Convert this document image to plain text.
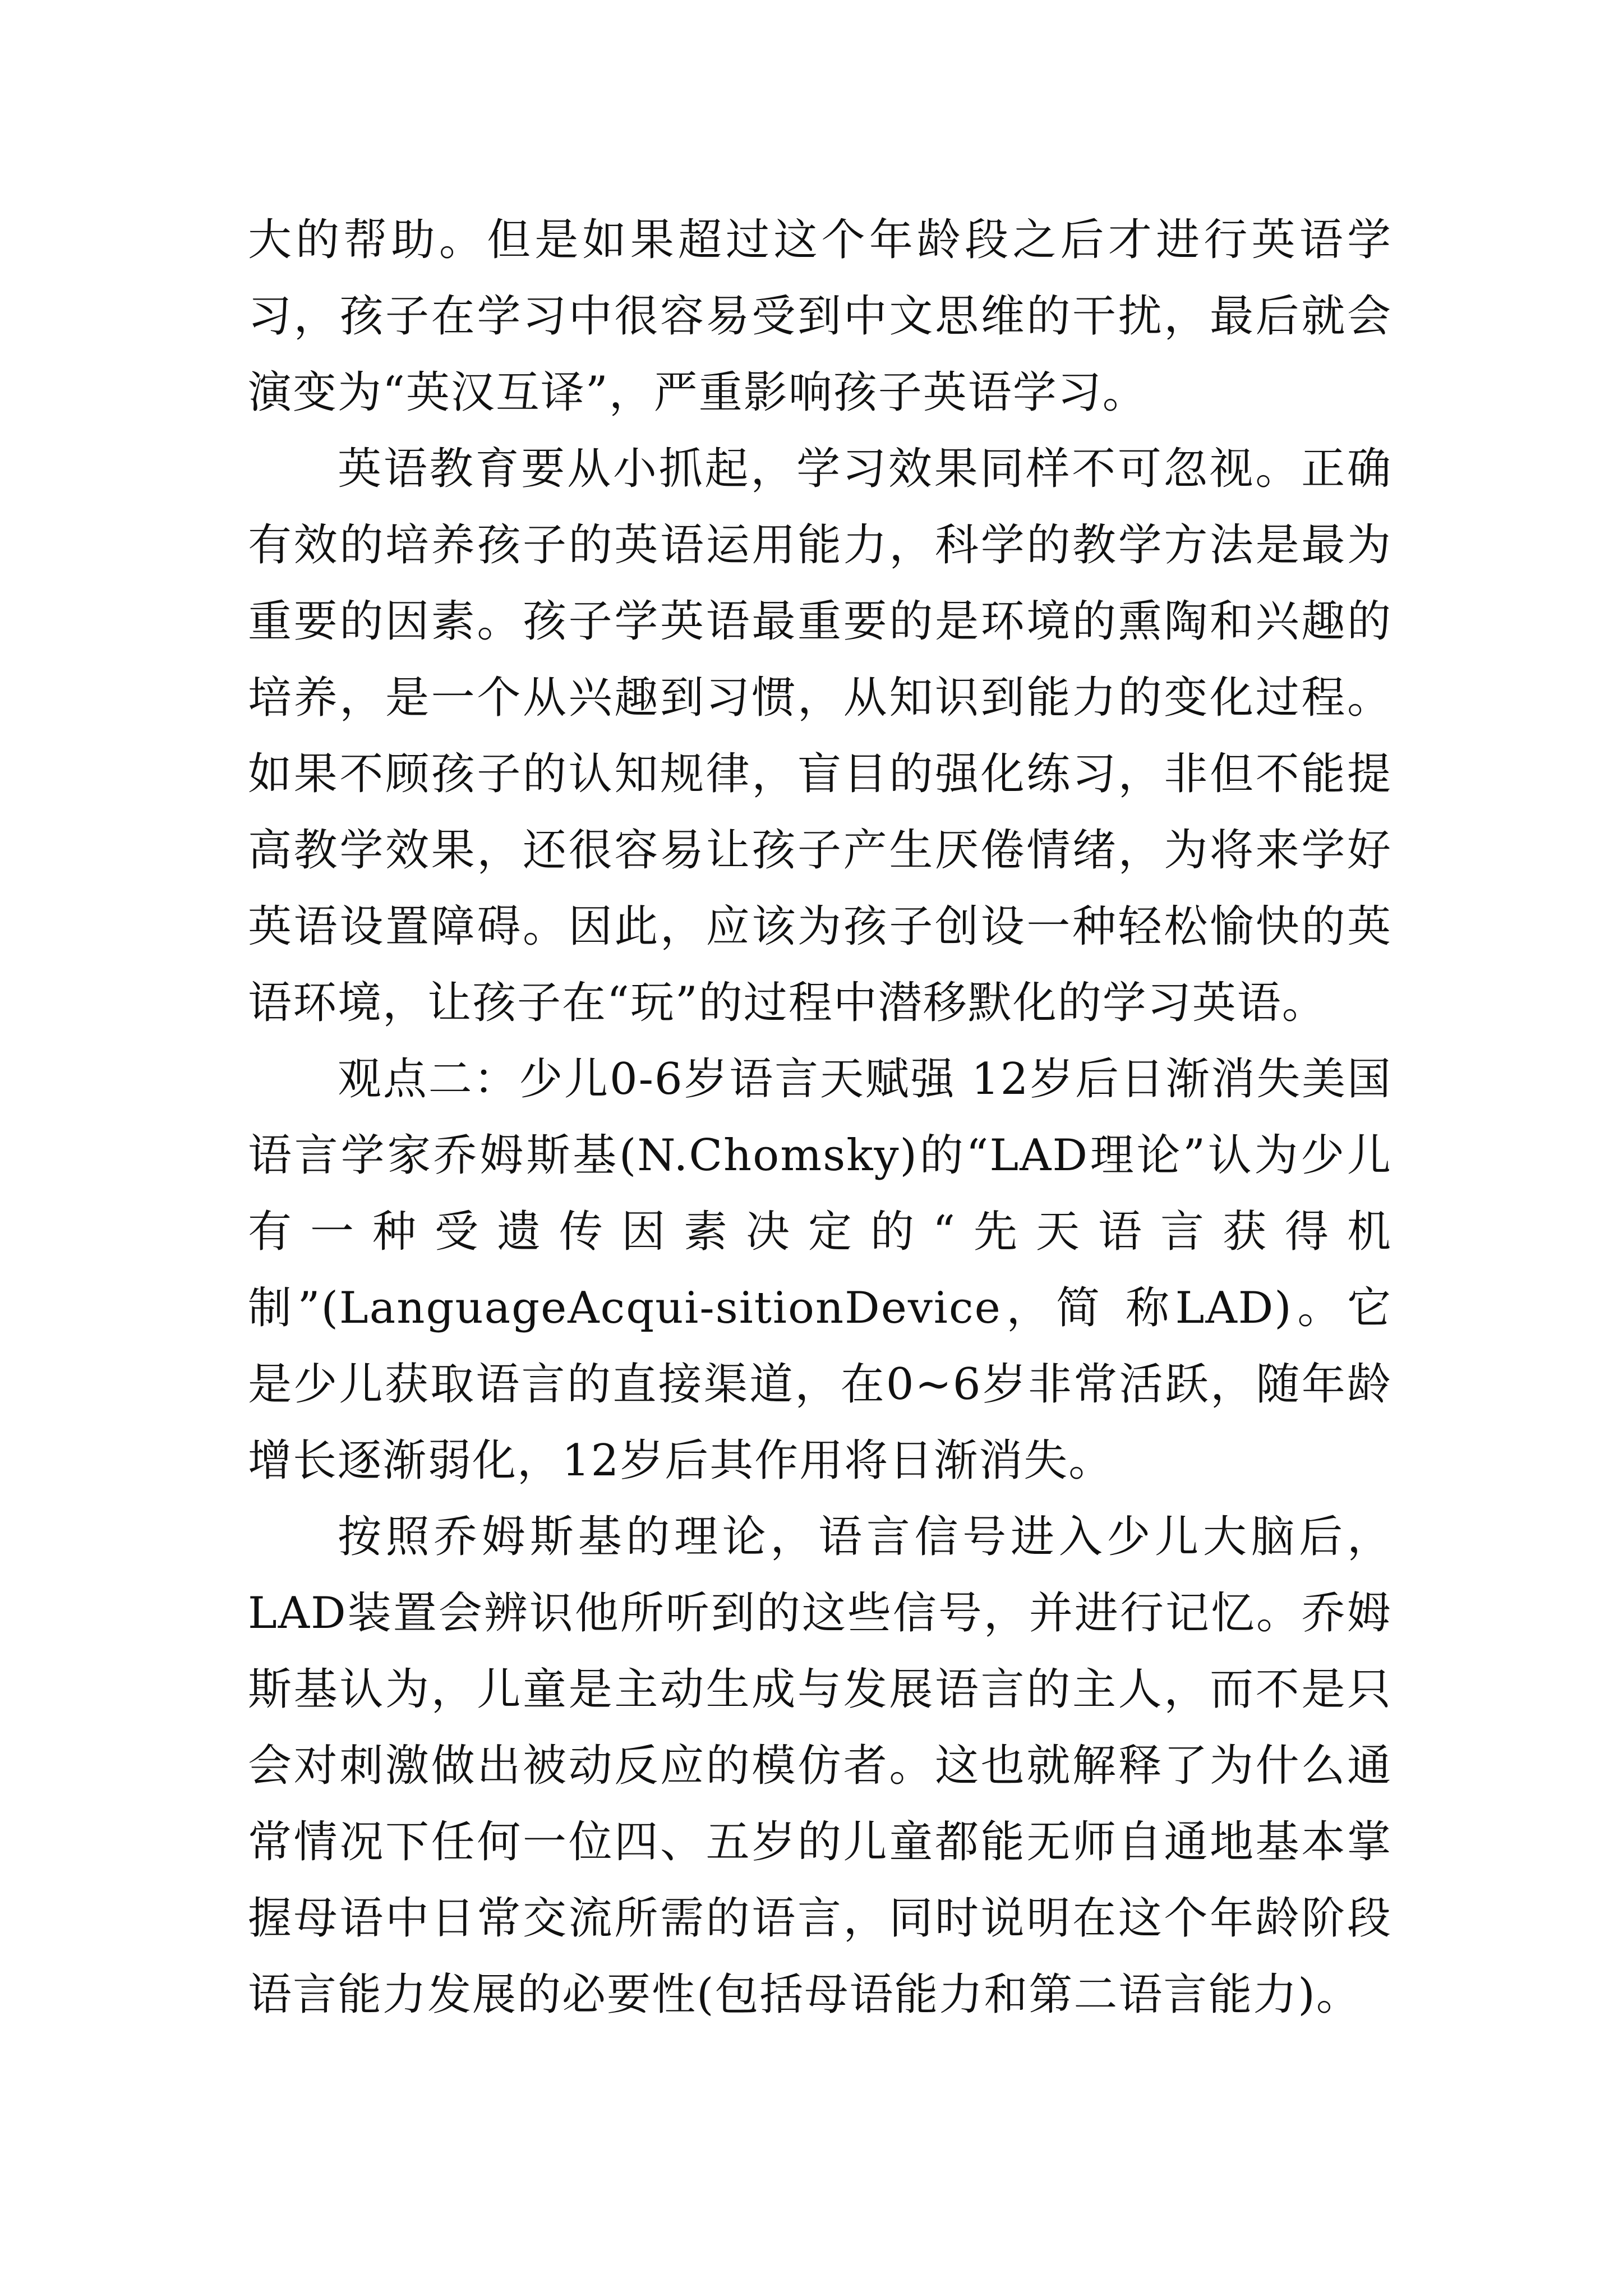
大的帮助。但是如果超过这个年龄段之后才进行英语学习，孩子在学习中很容易受到中文思维的干扰，最后就会演变为“英汉互译”，严重影响孩子英语学习。

英语教育要从小抓起，学习效果同样不可忽视。正确有效的培养孩子的英语运用能力，科学的教学方法是最为重要的因素。孩子学英语最重要的是环境的熏陶和兴趣的培养，是一个从兴趣到习惯，从知识到能力的变化过程。如果不顾孩子的认知规律，盲目的强化练习，非但不能提高教学效果，还很容易让孩子产生厌倦情绪，为将来学好英语设置障碍。因此，应该为孩子创设一种轻松愉快的英语环境，让孩子在“玩”的过程中潜移默化的学习英语。

观点二：少儿0-6岁语言天赋强 12岁后日渐消失美国语言学家乔姆斯基(N.Chomsky)的“LAD理论”认为少儿有一种受遗传因素决定的“先天语言获得机制”(LanguageAcqui-sitionDevice，简 称LAD)。它是少儿获取语言的直接渠道，在0~6岁非常活跃，随年龄增长逐渐弱化，12岁后其作用将日渐消失。

按照乔姆斯基的理论，语言信号进入少儿大脑后，LAD装置会辨识他所听到的这些信号，并进行记忆。乔姆斯基认为，儿童是主动生成与发展语言的主人，而不是只会对刺激做出被动反应的模仿者。这也就解释了为什么通常情况下任何一位四、五岁的儿童都能无师自通地基本掌握母语中日常交流所需的语言，同时说明在这个年龄阶段语言能力发展的必要性(包括母语能力和第二语言能力)。
